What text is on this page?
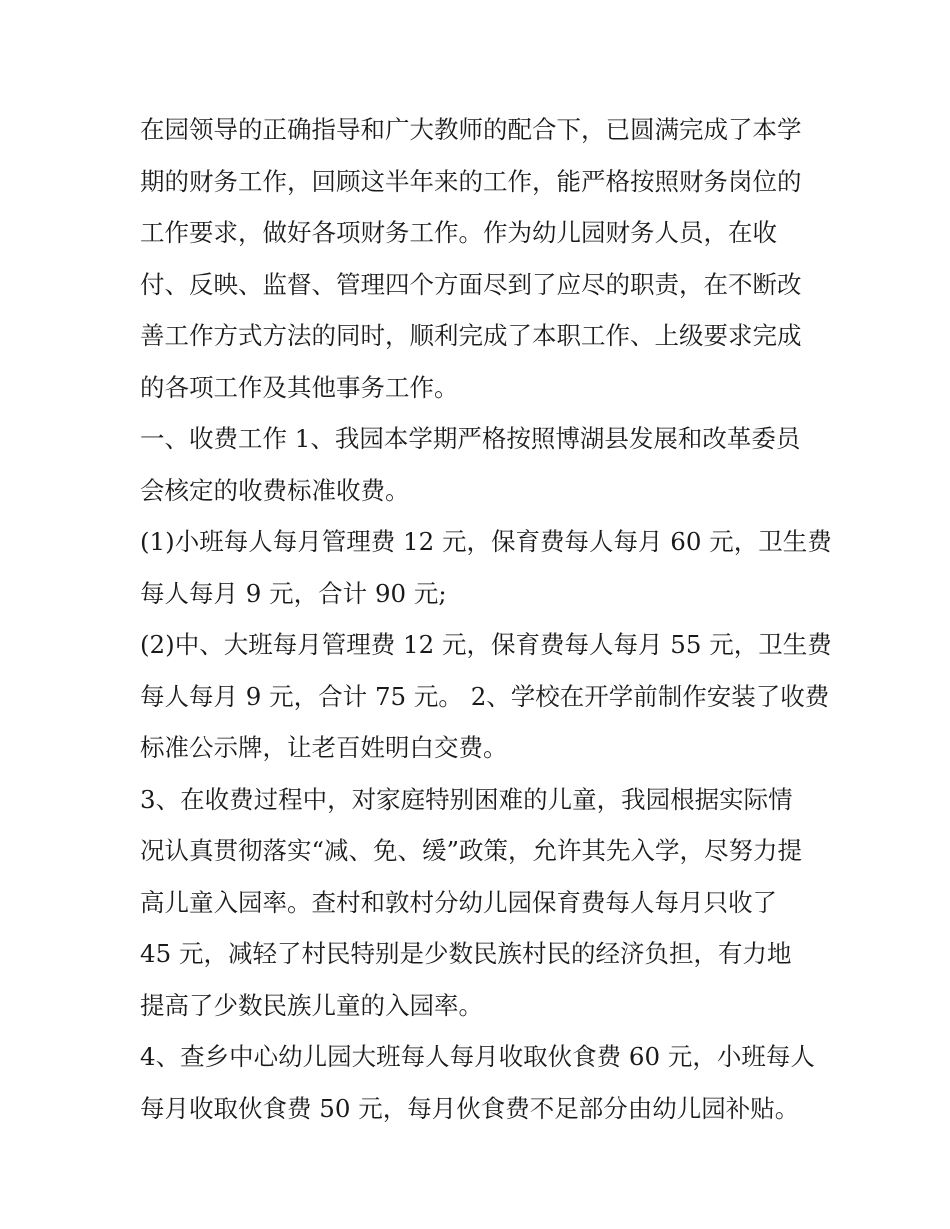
在园领导的正确指导和广大教师的配合下，已圆满完成了本学
期的财务工作，回顾这半年来的工作，能严格按照财务岗位的
工作要求，做好各项财务工作。作为幼儿园财务人员，在收
付、反映、监督、管理四个方面尽到了应尽的职责，在不断改
善工作方式方法的同时，顺利完成了本职工作、上级要求完成
的各项工作及其他事务工作。
一、收费工作 1、我园本学期严格按照博湖县发展和改革委员
会核定的收费标准收费。
(1)小班每人每月管理费 12 元，保育费每人每月 60 元，卫生费
每人每月 9 元，合计 90 元;
(2)中、大班每月管理费 12 元，保育费每人每月 55 元，卫生费
每人每月 9 元，合计 75 元。 2、学校在开学前制作安装了收费
标准公示牌，让老百姓明白交费。
3、在收费过程中，对家庭特别困难的儿童，我园根据实际情
况认真贯彻落实“减、免、缓”政策，允许其先入学，尽努力提
高儿童入园率。查村和敦村分幼儿园保育费每人每月只收了
45 元，减轻了村民特别是少数民族村民的经济负担，有力地
提高了少数民族儿童的入园率。
4、查乡中心幼儿园大班每人每月收取伙食费 60 元，小班每人
每月收取伙食费 50 元，每月伙食费不足部分由幼儿园补贴。
